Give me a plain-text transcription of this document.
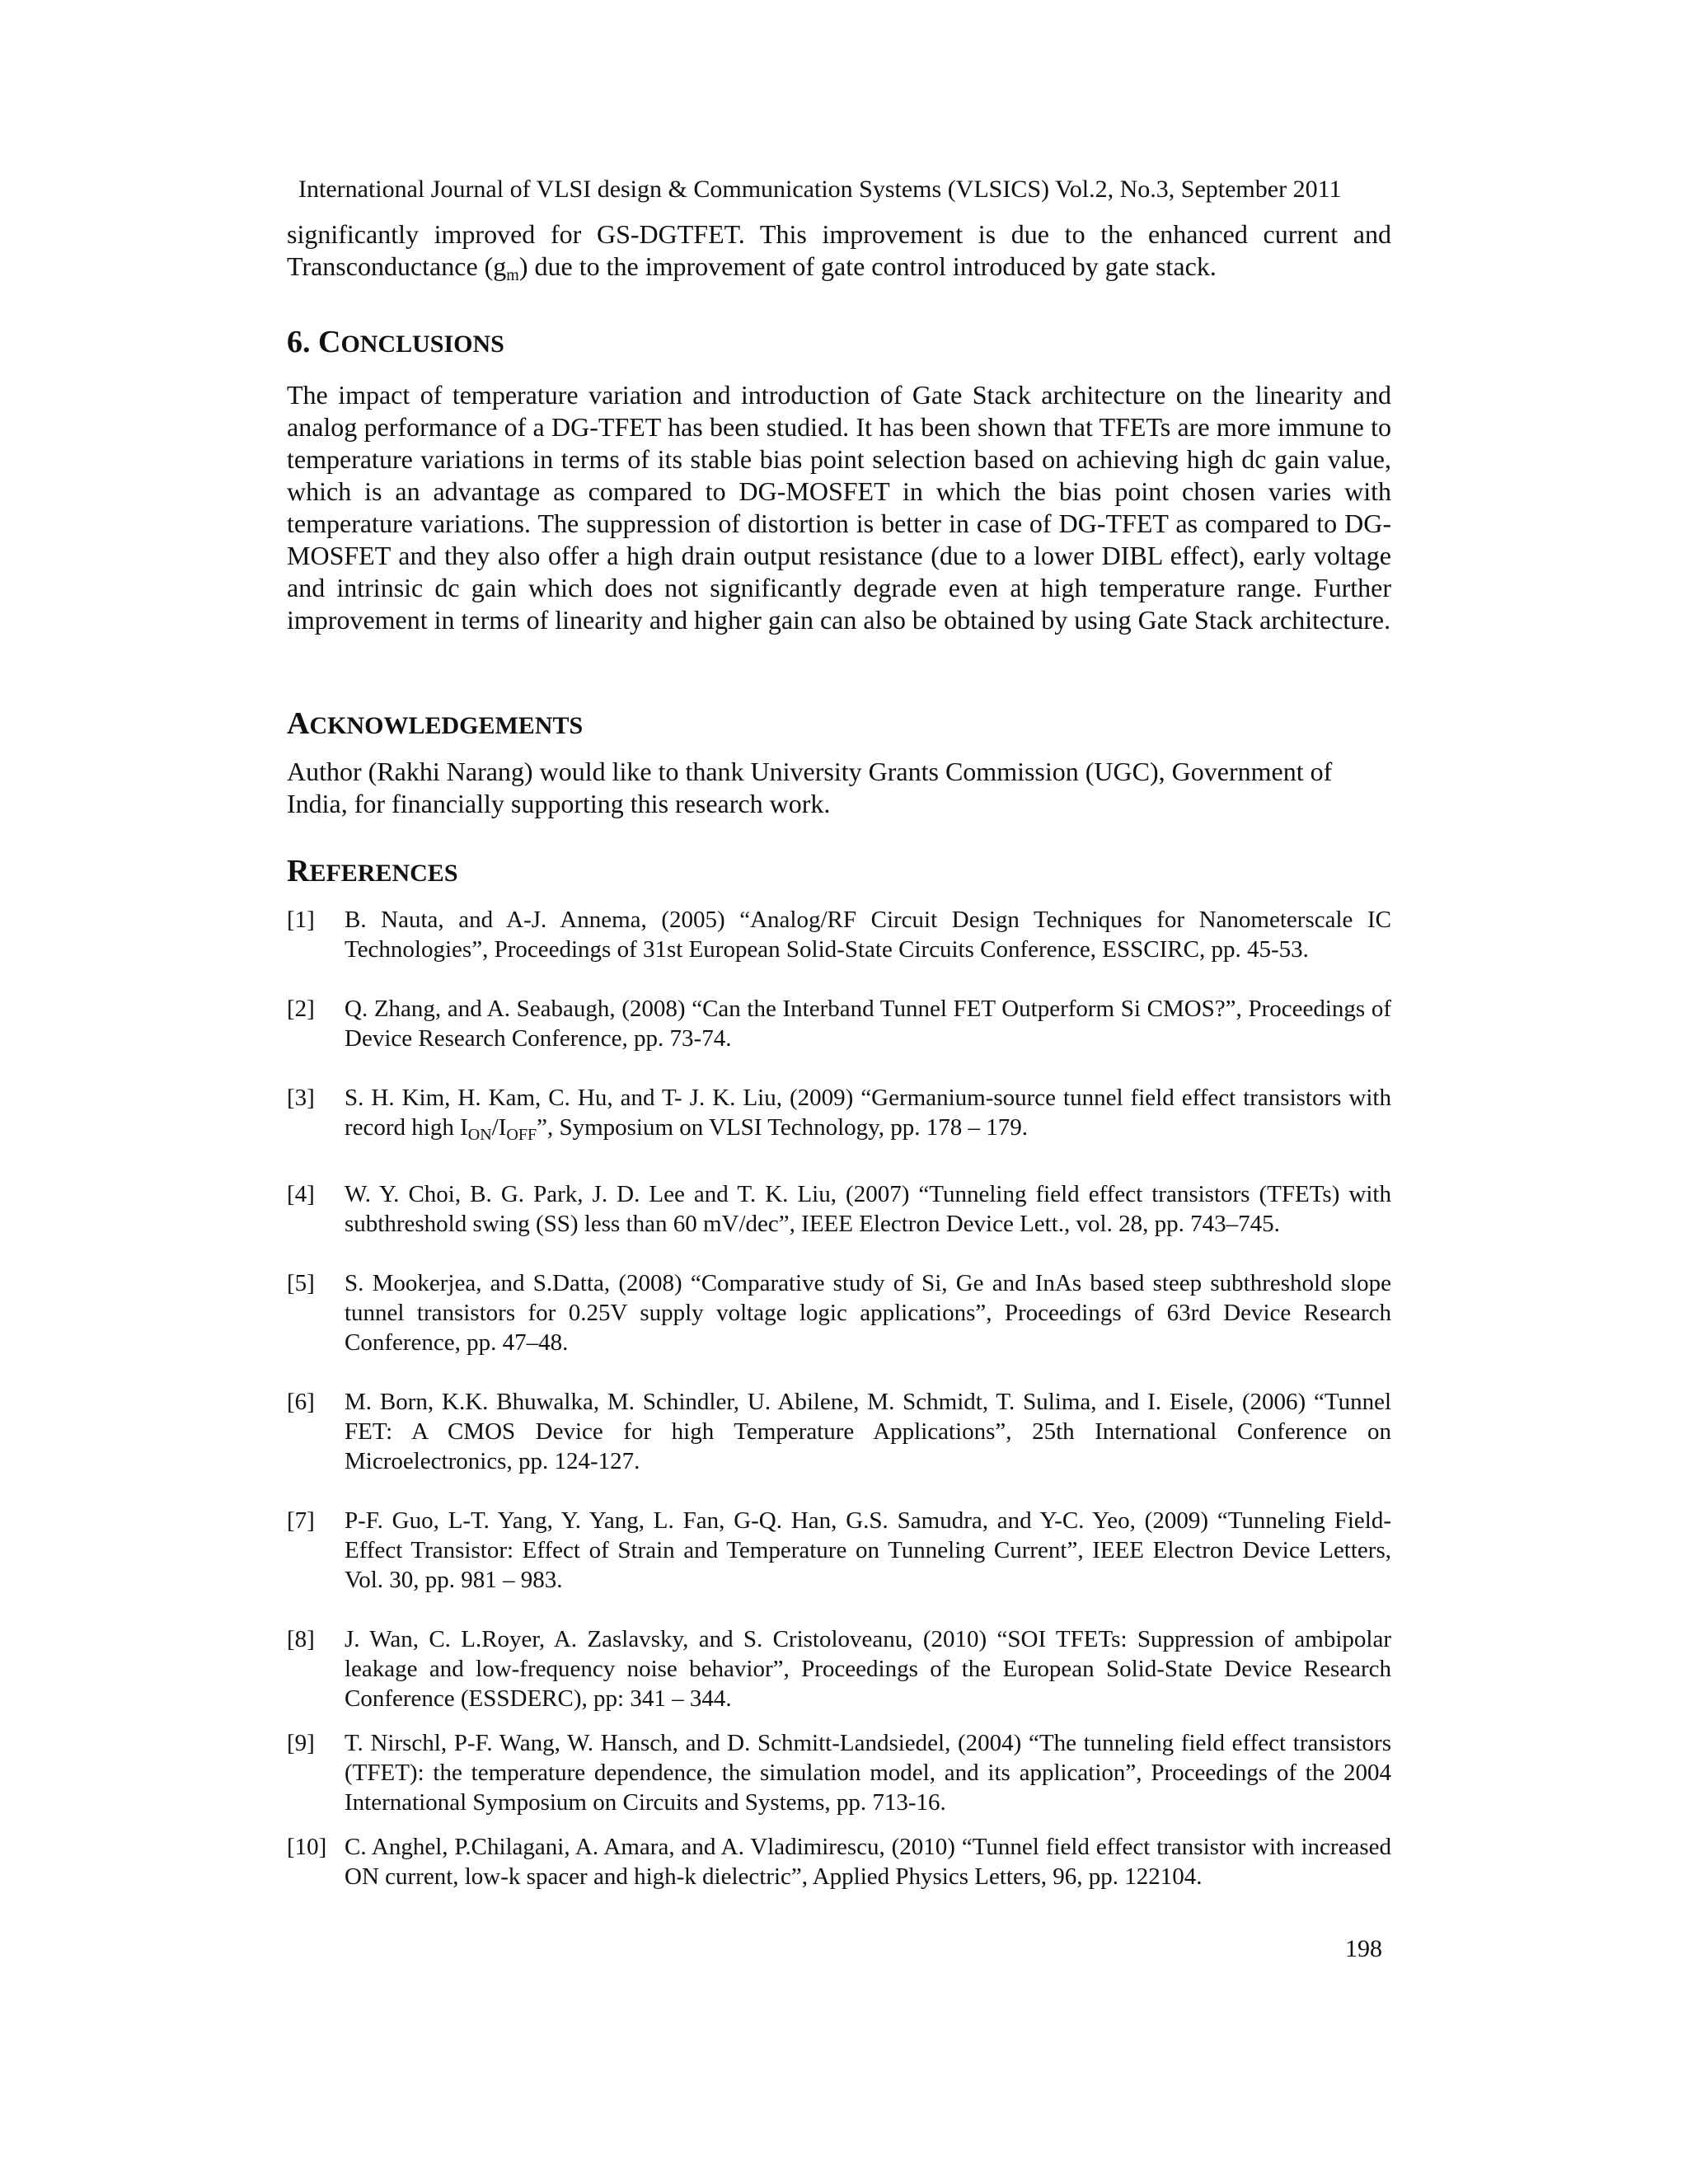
International Journal of VLSI design & Communication Systems (VLSICS) Vol.2, No.3, September 2011

significantly improved for GS-DGTFET. This improvement is due to the enhanced current and Transconductance $(g_m)$ due to the improvement of gate control introduced by gate stack.

6. CONCLUSIONS

The impact of temperature variation and introduction of Gate Stack architecture on the linearity and analog performance of a DG-TFET has been studied. It has been shown that TFETs are more immune to temperature variations in terms of its stable bias point selection based on achieving high dc gain value, which is an advantage as compared to DG-MOSFET in which the bias point chosen varies with temperature variations. The suppression of distortion is better in case of DG-TFET as compared to DG-MOSFET and they also offer a high drain output resistance (due to a lower DIBL effect), early voltage and intrinsic dc gain which does not significantly degrade even at high temperature range. Further improvement in terms of linearity and higher gain can also be obtained by using Gate Stack architecture.

ACKNOWLEDGEMENTS

Author (Rakhi Narang) would like to thank University Grants Commission (UGC), Government of India, for financially supporting this research work.

REFERENCES
[1] B. Nauta, and A-J. Annema, (2005) “Analog/RF Circuit Design Techniques for Nanometerscale IC Technologies”, Proceedings of 31st European Solid-State Circuits Conference, ESSCIRC, pp. 45-53.
[2] Q. Zhang, and A. Seabaugh, (2008) “Can the Interband Tunnel FET Outperform Si CMOS?”, Proceedings of Device Research Conference, pp. 73-74.
[3] S. H. Kim, H. Kam, C. Hu, and T- J. K. Liu, (2009) “Germanium-source tunnel field effect transistors with record high $I_{ON}/I_{OFF}$”, Symposium on VLSI Technology, pp. 178 – 179.
[4] W. Y. Choi, B. G. Park, J. D. Lee and T. K. Liu, (2007) “Tunneling field effect transistors (TFETs) with subthreshold swing (SS) less than 60 mV/dec”, IEEE Electron Device Lett., vol. 28, pp. 743–745.
[5] S. Mookerjea, and S.Datta, (2008) “Comparative study of Si, Ge and InAs based steep subthreshold slope tunnel transistors for 0.25V supply voltage logic applications”, Proceedings of 63rd Device Research Conference, pp. 47–48.
[6] M. Born, K.K. Bhuwalka, M. Schindler, U. Abilene, M. Schmidt, T. Sulima, and I. Eisele, (2006) “Tunnel FET: A CMOS Device for high Temperature Applications”, 25th International Conference on Microelectronics, pp. 124-127.
[7] P-F. Guo, L-T. Yang, Y. Yang, L. Fan, G-Q. Han, G.S. Samudra, and Y-C. Yeo, (2009) “Tunneling Field-Effect Transistor: Effect of Strain and Temperature on Tunneling Current”, IEEE Electron Device Letters, Vol. 30, pp. 981 – 983.
[8] J. Wan, C. L.Royer, A. Zaslavsky, and S. Cristoloveanu, (2010) “SOI TFETs: Suppression of ambipolar leakage and low-frequency noise behavior”, Proceedings of the European Solid-State Device Research Conference (ESSDERC), pp: 341 – 344.
[9] T. Nirschl, P-F. Wang, W. Hansch, and D. Schmitt-Landsiedel, (2004) “The tunneling field effect transistors (TFET): the temperature dependence, the simulation model, and its application”, Proceedings of the 2004 International Symposium on Circuits and Systems, pp. 713-16.
[10] C. Anghel, P.Chilagani, A. Amara, and A. Vladimirescu, (2010) “Tunnel field effect transistor with increased ON current, low-k spacer and high-k dielectric”, Applied Physics Letters, 96, pp. 122104.
198
